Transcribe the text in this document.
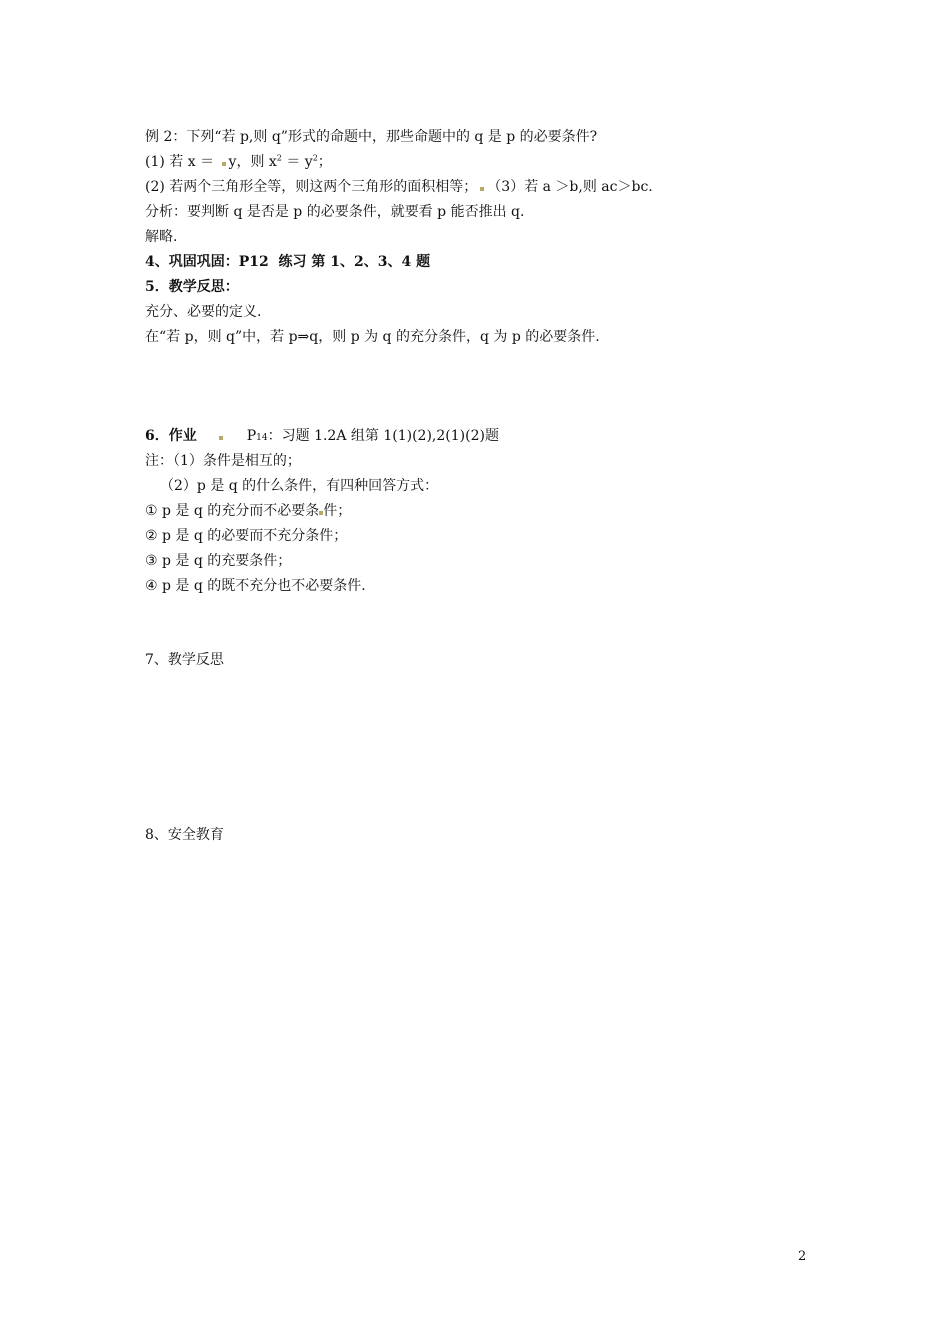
例 2：下列“若 p,则 q”形式的命题中，那些命题中的 q 是 p 的必要条件?
(1) 若 x ＝ y，则 $x^2 = y^2$；
(2) 若两个三角形全等，则这两个三角形的面积相等； （3）若 a ＞b,则 ac＞bc.
分析：要判断 q 是否是 p 的必要条件，就要看 p 能否推出 q.
解略.
4、巩固巩固：P12  练习 第 1、2、3、4 题
5．教学反思：
充分、必要的定义.
在“若 p，则 q”中，若 p⇒q，则 p 为 q 的充分条件，q 为 p 的必要条件.
6．作业	P14：习题 1.2A 组第 1(1)(2),2(1)(2)题
注：（1）条件是相互的；
（2）p 是 q 的什么条件，有四种回答方式：
① p 是 q 的充分而不必要条 件；
② p 是 q 的必要而不充分条件；
③ p 是 q 的充要条件；
④ p 是 q 的既不充分也不必要条件.
7、教学反思
8、安全教育
2
